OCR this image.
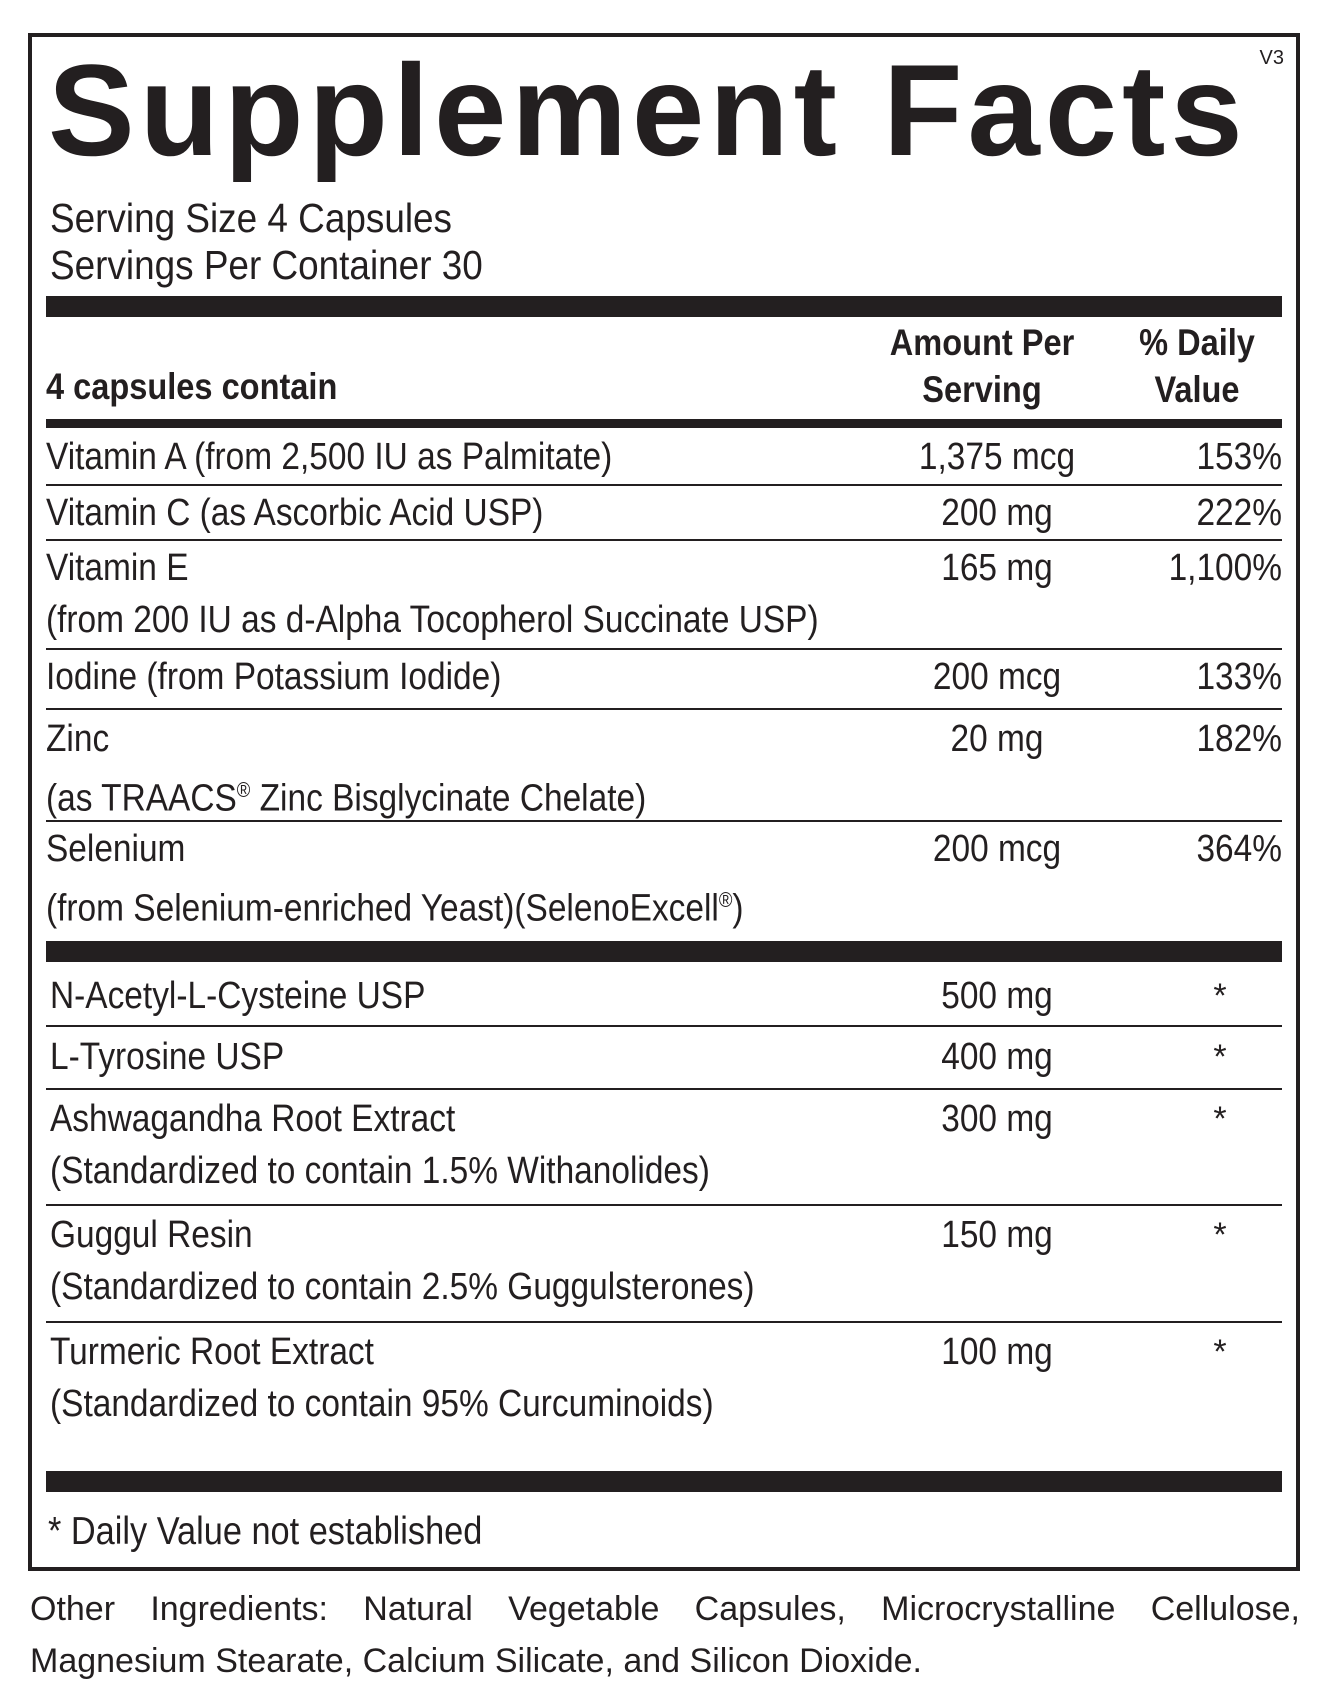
V3
Supplement Facts
Serving Size 4 Capsules
Servings Per Container 30
4 capsules contain
Amount Per
Serving
% Daily
Value
Vitamin A (from 2,500 IU as Palmitate)	1,375 mcg	153%
Vitamin C (as Ascorbic Acid USP)	200 mg	222%
Vitamin E
(from 200 IU as d-Alpha Tocopherol Succinate USP)
165 mg	1,100%
Iodine (from Potassium Iodide)	200 mcg	133%
Zinc
(as TRAACS® Zinc Bisglycinate Chelate)
20 mg	182%
Selenium
(from Selenium-enriched Yeast)(SelenoExcell®)
200 mcg	364%
N-Acetyl-L-Cysteine USP	500 mg	*
L-Tyrosine USP	400 mg	*
Ashwagandha Root Extract
(Standardized to contain 1.5% Withanolides)
300 mg	*
Guggul Resin
(Standardized to contain 2.5% Guggulsterones)
150 mg	*
Turmeric Root Extract
(Standardized to contain 95% Curcuminoids)
100 mg	*
* Daily Value not established
Other Ingredients: Natural Vegetable Capsules, Microcrystalline Cellulose, Magnesium Stearate, Calcium Silicate, and Silicon Dioxide.
